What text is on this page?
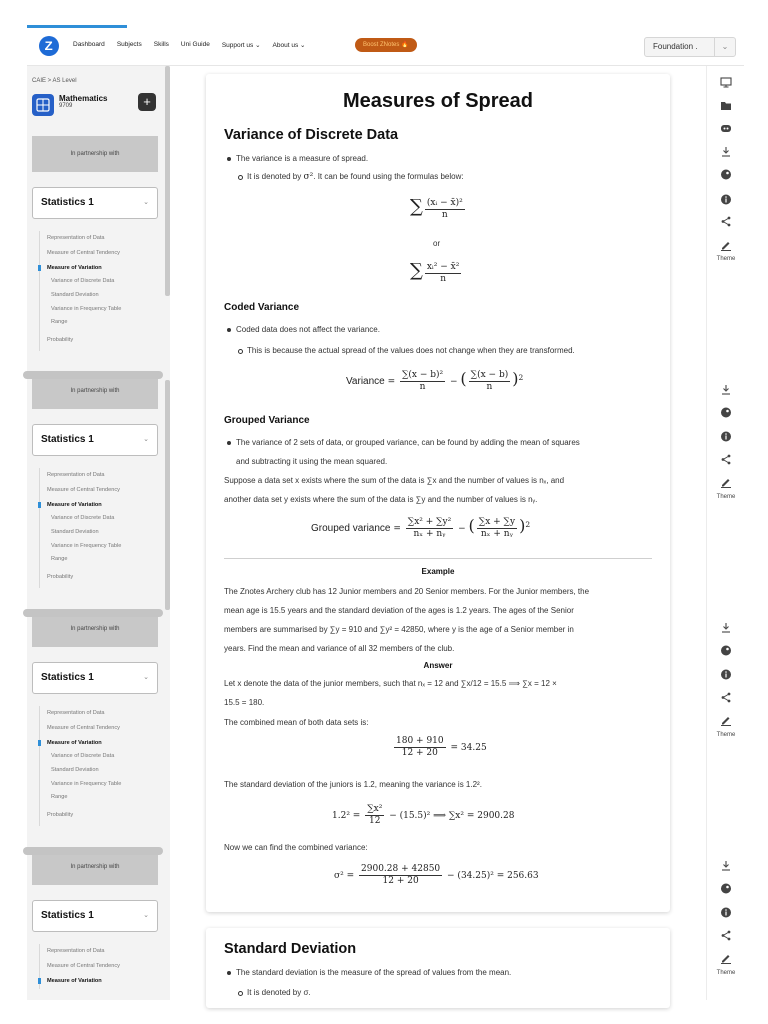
Z	Dashboard Subjects Skills Uni Guide Support us ⌄ About us ⌄	Boost ZNotes 🔥	Foundation .	⌄
CAIE > AS Level
Mathematics
9709	+
In partnership with
Statistics 1	⌄
Representation of Data
Measure of Central Tendency
Measure of Variation
Variance of Discrete Data
Standard Deviation
Variance in Frequency Table
Range
Probability
In partnership with
Statistics 1	⌄
Representation of Data
Measure of Central Tendency
Measure of Variation
Variance of Discrete Data
Standard Deviation
Variance in Frequency Table
Range
Probability
In partnership with
Statistics 1	⌄
Representation of Data
Measure of Central Tendency
Measure of Variation
Variance of Discrete Data
Standard Deviation
Variance in Frequency Table
Range
Probability
In partnership with
Statistics 1	⌄
Representation of Data
Measure of Central Tendency
Measure of Variation
Measures of Spread
Variance of Discrete Data
The variance is a measure of spread.
It is denoted by σ². It can be found using the formulas below:
∑ $\frac{\text{(xᵢ − x̄)²}}{n}$
or
∑ $\frac{\text{xᵢ² − x̄²}}{n}$
Coded Variance
Coded data does not affect the variance.
This is because the actual spread of the values does not change when they are transformed.
Variance = $\frac{\text{∑(x − b)²}}{n}$ − ( $\frac{\sum(x - b)}{n} )^2$
Grouped Variance
The variance of 2 sets of data, or grouped variance, can be found by adding the mean of squares
and subtracting it using the mean squared.
Suppose a data set x exists where the sum of the data is ∑x and the number of values is nₓ, and
another data set y exists where the sum of the data is ∑y and the number of values is nᵧ.
Grouped variance = $\frac{\text{∑x² + ∑y²}}{\text{nₓ + nᵧ}}$ − ( $\frac{\sum x + \sum y}{\text{nₓ + nᵧ}} )^2$
Example
The Znotes Archery club has 12 Junior members and 20 Senior members. For the Junior members, the
mean age is 15.5 years and the standard deviation of the ages is 1.2 years. The ages of the Senior
members are summarised by ∑y = 910 and ∑y² = 42850, where y is the age of a Senior member in
years. Find the mean and variance of all 32 members of the club.
Answer
Let x denote the data of the junior members, such that nₓ = 12 and ∑x/12 = 15.5 ⟹ ∑x = 12 ×
15.5 = 180.
The combined mean of both data sets is:
$\frac{180 + 910}{12 + 20} = 34.25$
The standard deviation of the juniors is 1.2, meaning the variance is 1.2².
$1.2^2 = \frac{\text{∑x²}}{12} - (15.5)^2$ ⟹ ∑x² = 2900.28
Now we can find the combined variance:
$\sigma^2 = \frac{2900.28 + 42850}{12 + 20} - (34.25)^2 = 256.63$
Standard Deviation
The standard deviation is the measure of the spread of values from the mean.
It is denoted by σ.
Theme
Theme
Theme
Theme
